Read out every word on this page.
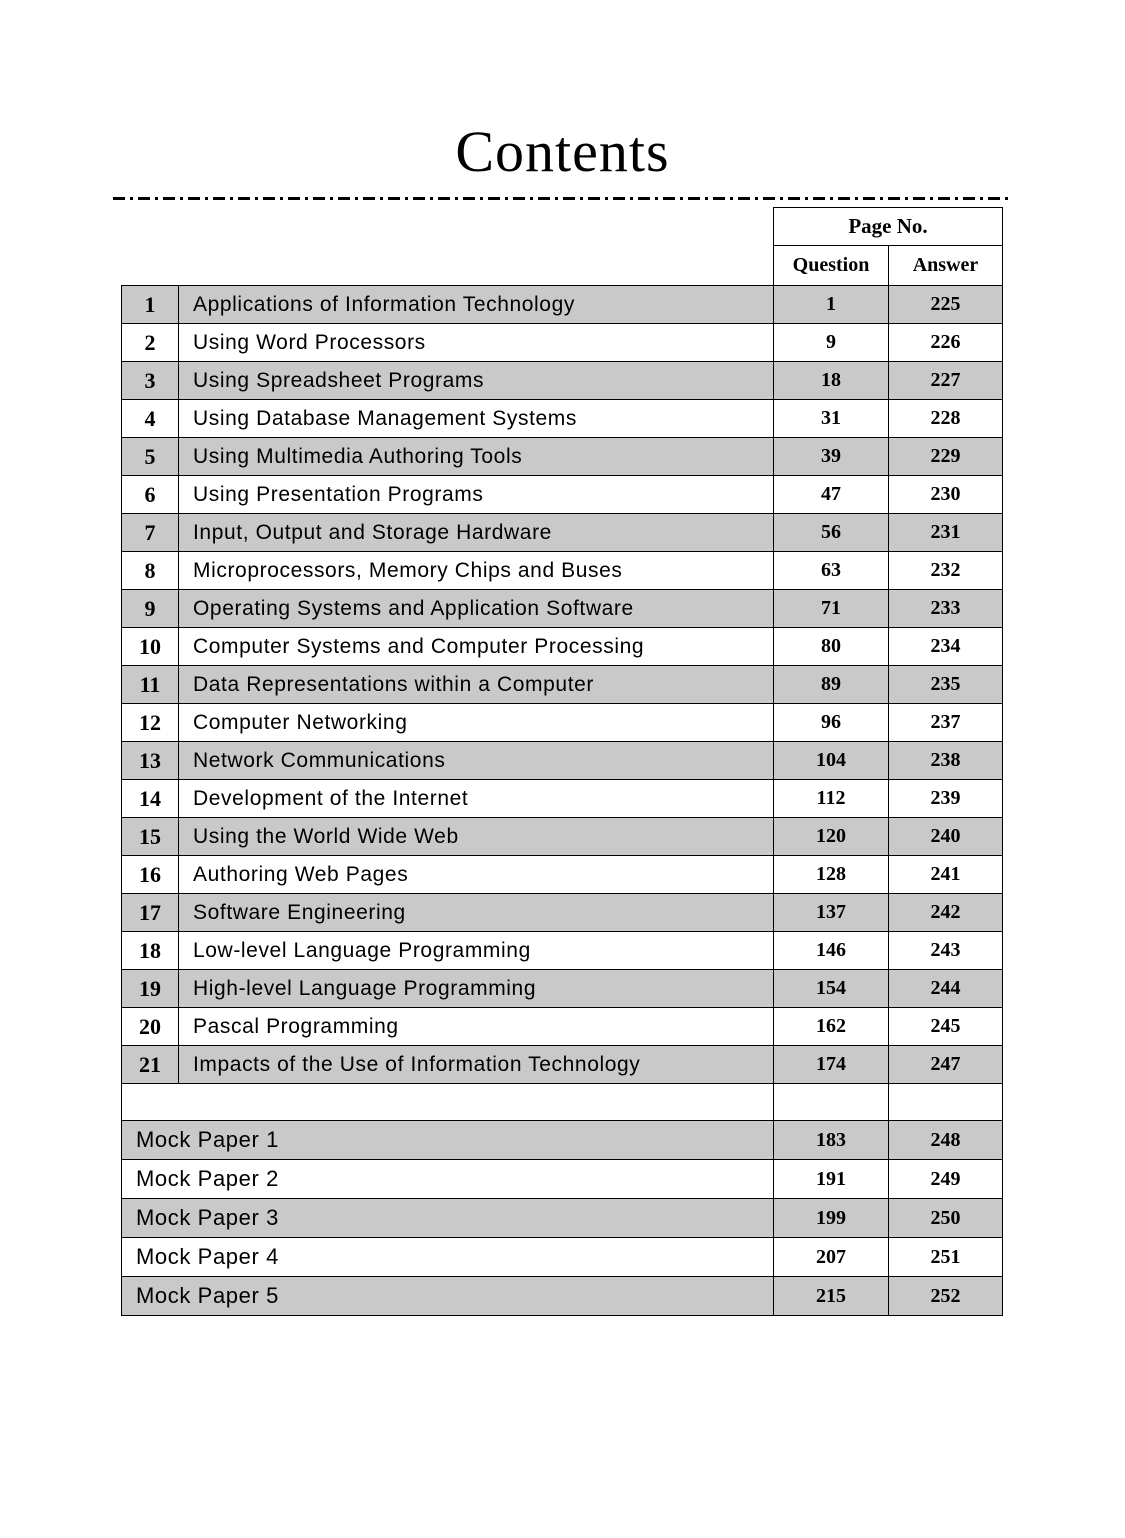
Contents
		Page No.	
		Question	Answer
1	Applications of Information Technology	1	225
2	Using Word Processors	9	226
3	Using Spreadsheet Programs	18	227
4	Using Database Management Systems	31	228
5	Using Multimedia Authoring Tools	39	229
6	Using Presentation Programs	47	230
7	Input, Output and Storage Hardware	56	231
8	Microprocessors, Memory Chips and Buses	63	232
9	Operating Systems and Application Software	71	233
10	Computer Systems and Computer Processing	80	234
11	Data Representations within a Computer	89	235
12	Computer Networking	96	237
13	Network Communications	104	238
14	Development of the Internet	112	239
15	Using the World Wide Web	120	240
16	Authoring Web Pages	128	241
17	Software Engineering	137	242
18	Low-level Language Programming	146	243
19	High-level Language Programming	154	244
20	Pascal Programming	162	245
21	Impacts of the Use of Information Technology	174	247

Mock Paper 1		183	248
Mock Paper 2		191	249
Mock Paper 3		199	250
Mock Paper 4		207	251
Mock Paper 5		215	252
